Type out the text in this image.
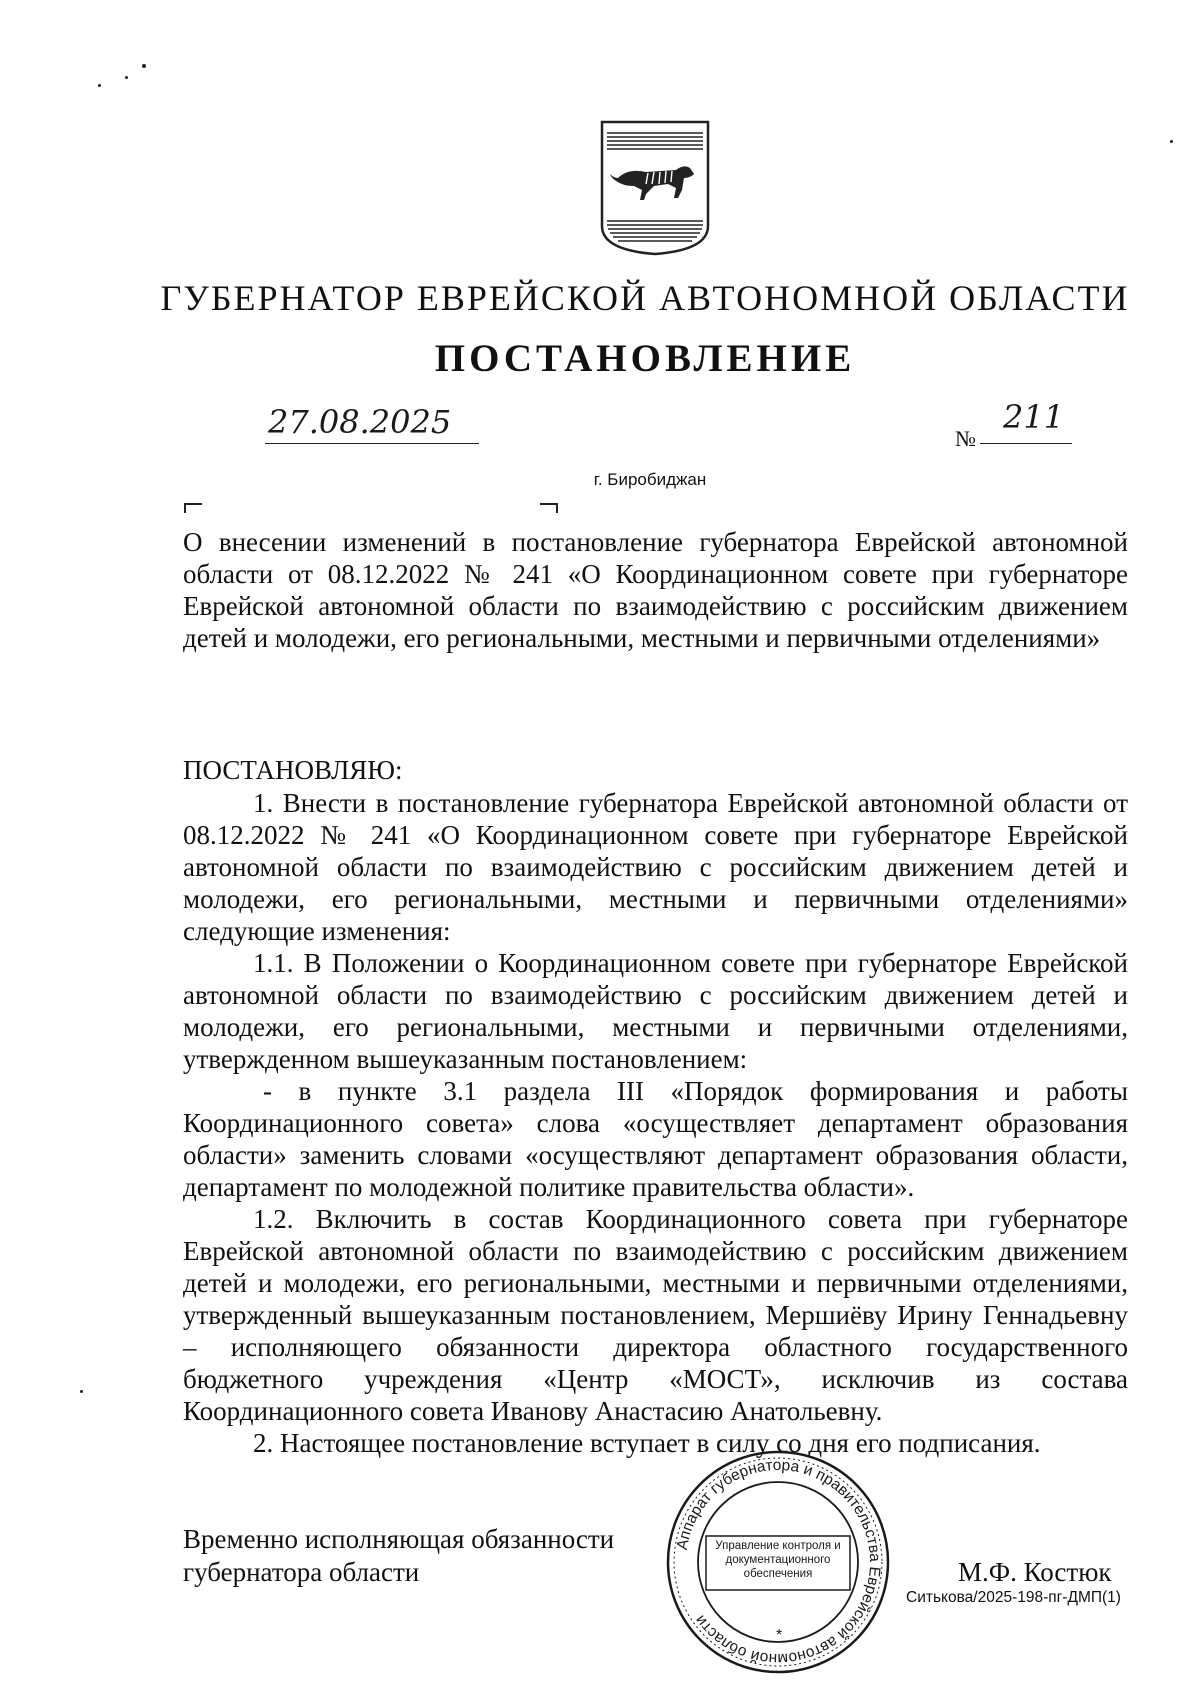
ГУБЕРНАТОР ЕВРЕЙСКОЙ АВТОНОМНОЙ ОБЛАСТИ
ПОСТАНОВЛЕНИЕ
27.08.2025	№
211
г. Биробиджан
О внесении изменений в постановление губернатора Еврейской автономной области от 08.12.2022 № 241 «О Координационном совете при губернаторе Еврейской автономной области по взаимодействию с российским движением детей и молодежи, его региональными, местными и первичными отделениями»
ПОСТАНОВЛЯЮ:

1. Внести в постановление губернатора Еврейской автономной области от 08.12.2022 № 241 «О Координационном совете при губернаторе Еврейской автономной области по взаимодействию с российским движением детей и молодежи, его региональными, местными и первичными отделениями» следующие изменения:

1.1. В Положении о Координационном совете при губернаторе Еврейской автономной области по взаимодействию с российским движением детей и молодежи, его региональными, местными и первичными отделениями, утвержденном вышеуказанным постановлением:

- в пункте 3.1 раздела III «Порядок формирования и работы Координационного совета» слова «осуществляет департамент образования области» заменить словами «осуществляют департамент образования области, департамент по молодежной политике правительства области».

1.2. Включить в состав Координационного совета при губернаторе Еврейской автономной области по взаимодействию с российским движением детей и молодежи, его региональными, местными и первичными отделениями, утвержденный вышеуказанным постановлением, Мершиёву Ирину Геннадьевну – исполняющего обязанности директора областного государственного бюджетного учреждения «Центр «МОСТ», исключив из состава Координационного совета Иванову Анастасию Анатольевну.

2. Настоящее постановление вступает в силу со дня его подписания.

Временно исполняющая обязанности
губернатора области
Аппарат губернатора и правительства Еврейской автономной области
Управление контроля и документационного обеспечения
*
М.Ф. Костюк
Ситькова/2025-198-пг-ДМП(1)
